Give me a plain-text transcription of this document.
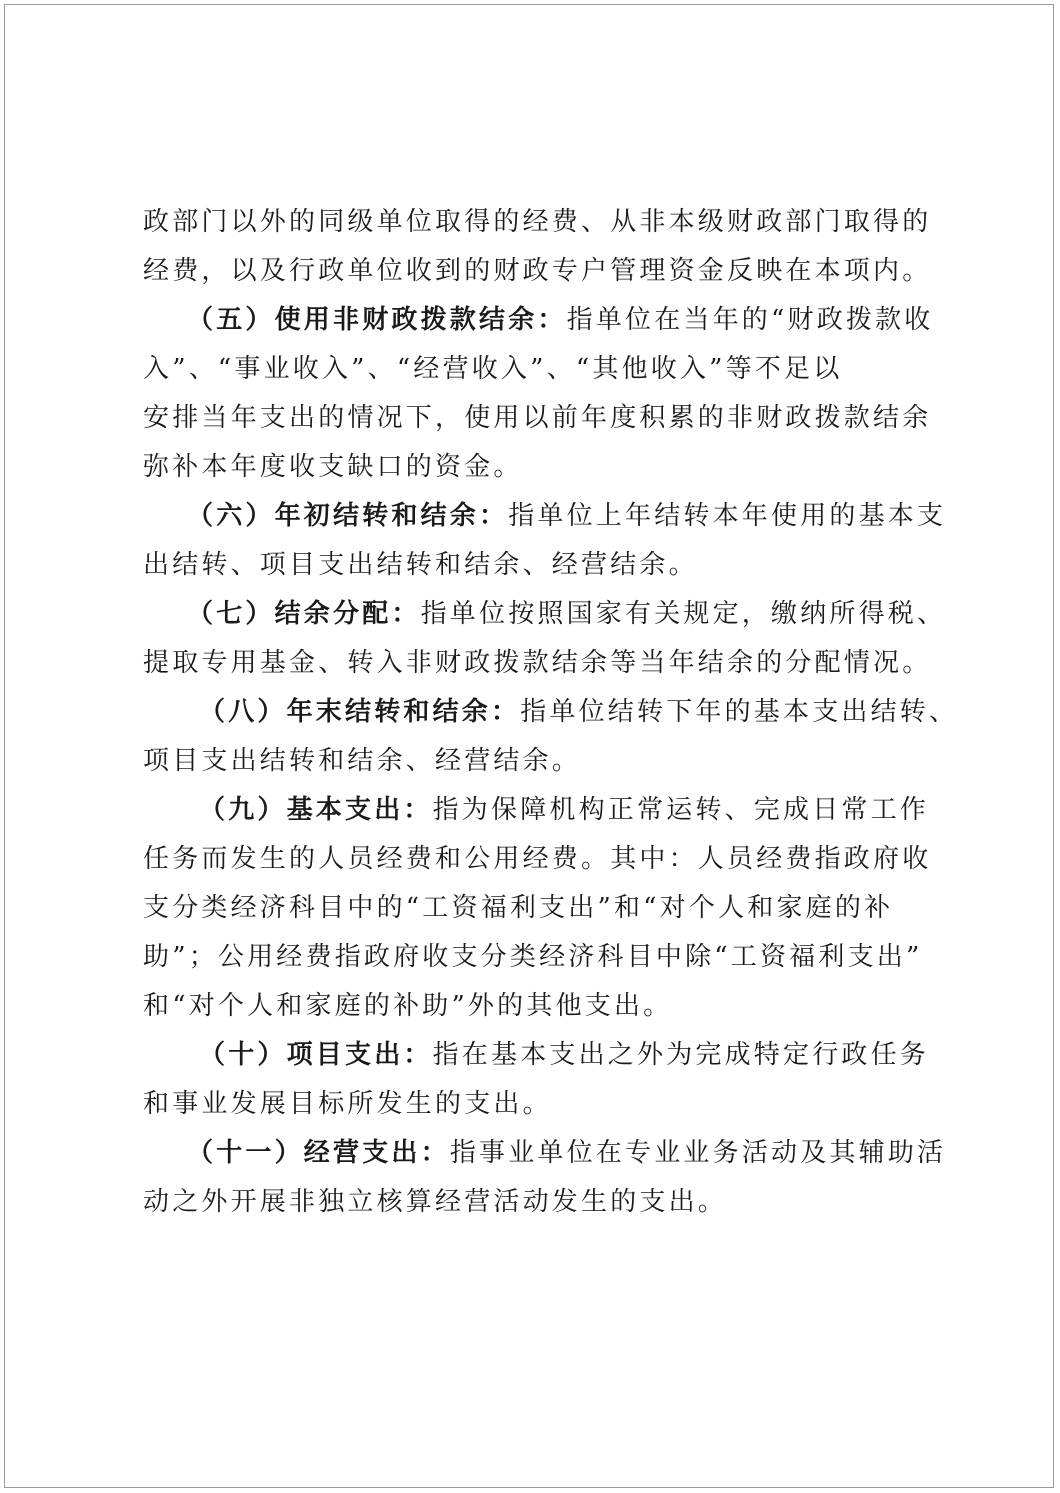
政部门以外的同级单位取得的经费、从非本级财政部门取得的
经费，以及行政单位收到的财政专户管理资金反映在本项内。
（五）使用非财政拨款结余：指单位在当年的“财政拨款收
入”、“事业收入”、“经营收入”、“其他收入”等不足以
安排当年支出的情况下，使用以前年度积累的非财政拨款结余
弥补本年度收支缺口的资金。
（六）年初结转和结余：指单位上年结转本年使用的基本支
出结转、项目支出结转和结余、经营结余。
（七）结余分配：指单位按照国家有关规定，缴纳所得税、
提取专用基金、转入非财政拨款结余等当年结余的分配情况。
（八）年末结转和结余：指单位结转下年的基本支出结转、
项目支出结转和结余、经营结余。
（九）基本支出：指为保障机构正常运转、完成日常工作
任务而发生的人员经费和公用经费。其中：人员经费指政府收
支分类经济科目中的“工资福利支出”和“对个人和家庭的补
助”；公用经费指政府收支分类经济科目中除“工资福利支出”
和“对个人和家庭的补助”外的其他支出。
（十）项目支出：指在基本支出之外为完成特定行政任务
和事业发展目标所发生的支出。
（十一）经营支出：指事业单位在专业业务活动及其辅助活
动之外开展非独立核算经营活动发生的支出。
